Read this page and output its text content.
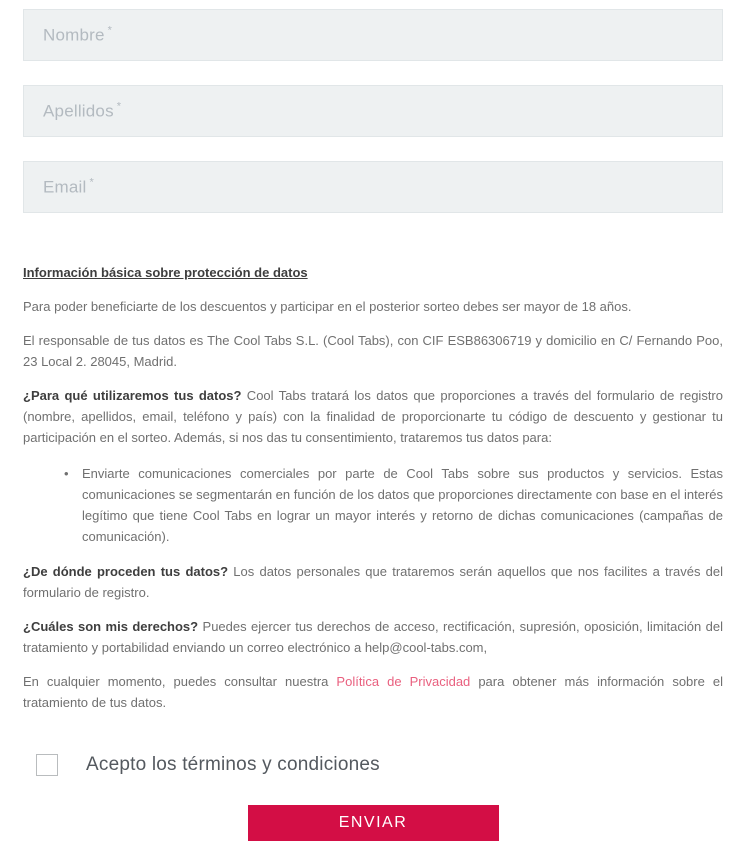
Nombre *
Apellidos *
Email *

Información básica sobre protección de datos

Para poder beneficiarte de los descuentos y participar en el posterior sorteo debes ser mayor de 18 años.

El responsable de tus datos es The Cool Tabs S.L. (Cool Tabs), con CIF ESB86306719 y domicilio en C/ Fernando Poo, 23 Local 2. 28045, Madrid.

¿Para qué utilizaremos tus datos? Cool Tabs tratará los datos que proporciones a través del formulario de registro (nombre, apellidos, email, teléfono y país) con la finalidad de proporcionarte tu código de descuento y gestionar tu participación en el sorteo. Además, si nos das tu consentimiento, trataremos tus datos para:

• Enviarte comunicaciones comerciales por parte de Cool Tabs sobre sus productos y servicios. Estas comunicaciones se segmentarán en función de los datos que proporciones directamente con base en el interés legítimo que tiene Cool Tabs en lograr un mayor interés y retorno de dichas comunicaciones (campañas de comunicación).

¿De dónde proceden tus datos? Los datos personales que trataremos serán aquellos que nos facilites a través del formulario de registro.

¿Cuáles son mis derechos? Puedes ejercer tus derechos de acceso, rectificación, supresión, oposición, limitación del tratamiento y portabilidad enviando un correo electrónico a help@cool-tabs.com,

En cualquier momento, puedes consultar nuestra Política de Privacidad para obtener más información sobre el tratamiento de tus datos.

Acepto los términos y condiciones
ENVIAR
